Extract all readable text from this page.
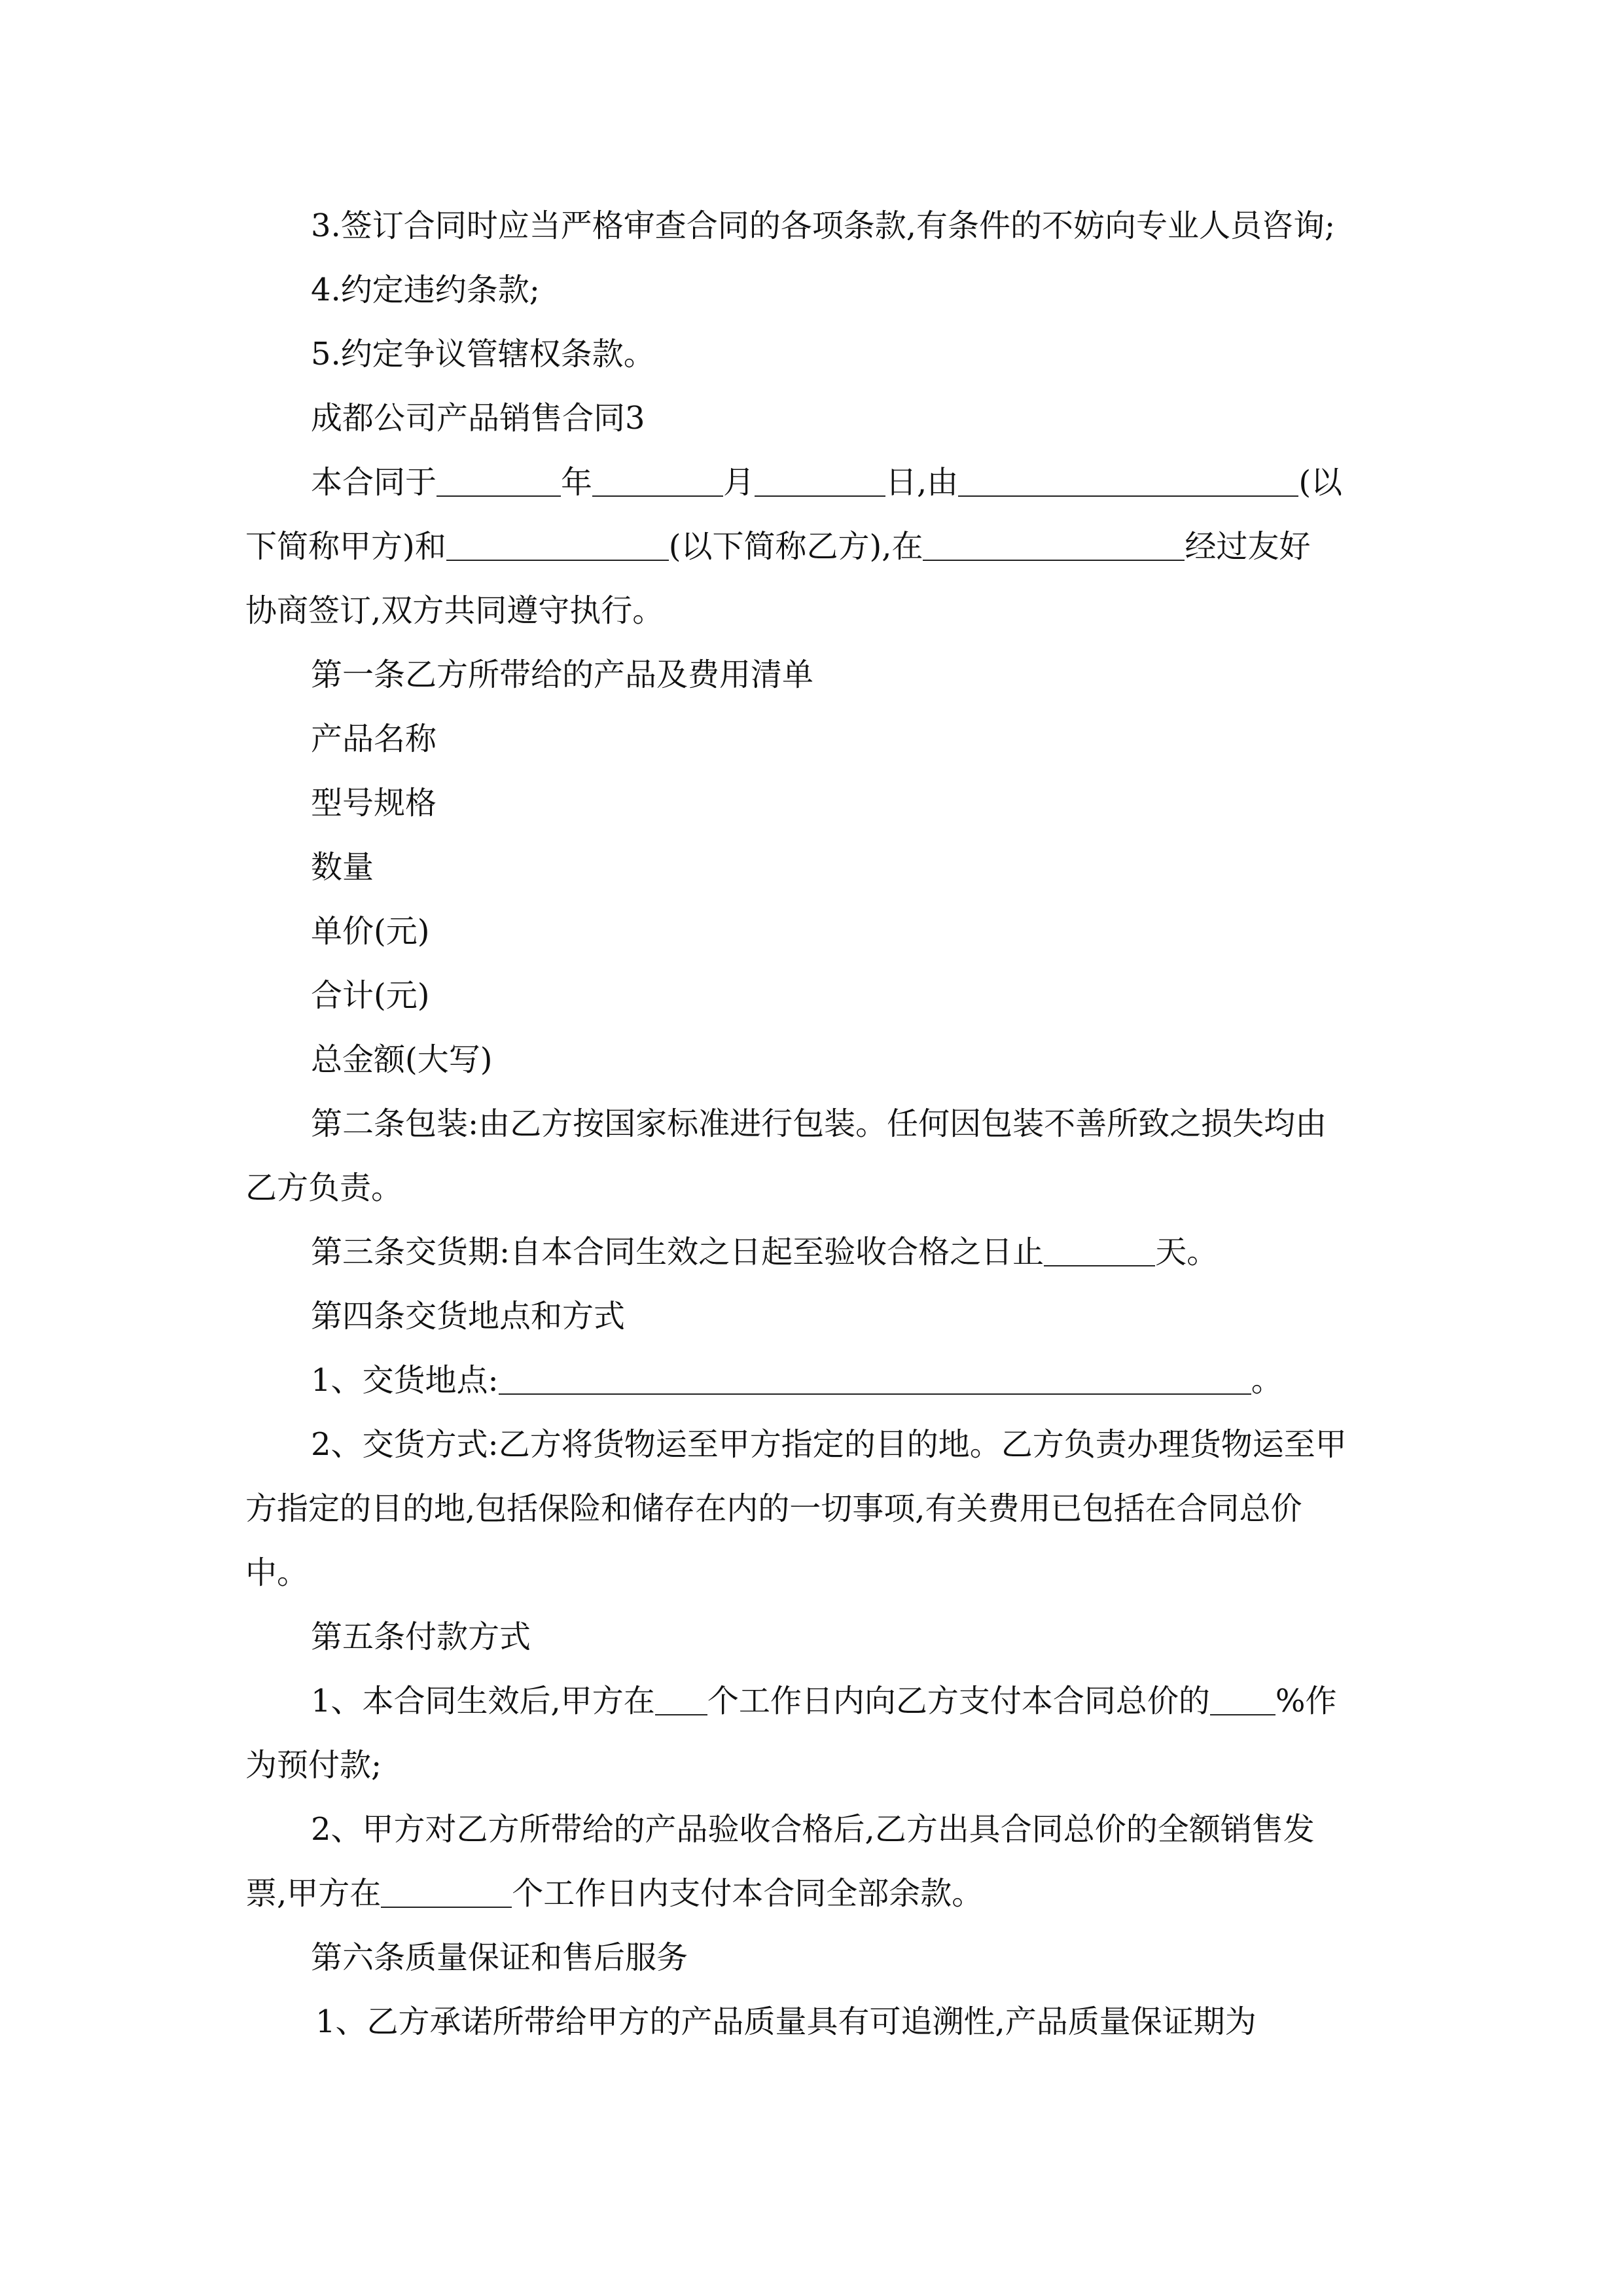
3.签订合同时应当严格审查合同的各项条款,有条件的不妨向专业人员咨询;
4.约定违约条款;
5.约定争议管辖权条款。
成都公司产品销售合同3
本合同于	年	月	日,由	(以
下简称甲方)和	(以下简称乙方),在	经过友好
协商签订,双方共同遵守执行。
第一条乙方所带给的产品及费用清单
产品名称
型号规格
数量
单价(元)
合计(元)
总金额(大写)
第二条包装:由乙方按国家标准进行包装。任何因包装不善所致之损失均由
乙方负责。
第三条交货期:自本合同生效之日起至验收合格之日止	天。
第四条交货地点和方式
1、交货地点:	。
2、交货方式:乙方将货物运至甲方指定的目的地。乙方负责办理货物运至甲
方指定的目的地,包括保险和储存在内的一切事项,有关费用已包括在合同总价
中。
第五条付款方式
1、本合同生效后,甲方在 个工作日内向乙方支付本合同总价的 %作
为预付款;
2、甲方对乙方所带给的产品验收合格后,乙方出具合同总价的全额销售发
票,甲方在	个工作日内支付本合同全部余款。
第六条质量保证和售后服务
1、乙方承诺所带给甲方的产品质量具有可追溯性,产品质量保证期为
